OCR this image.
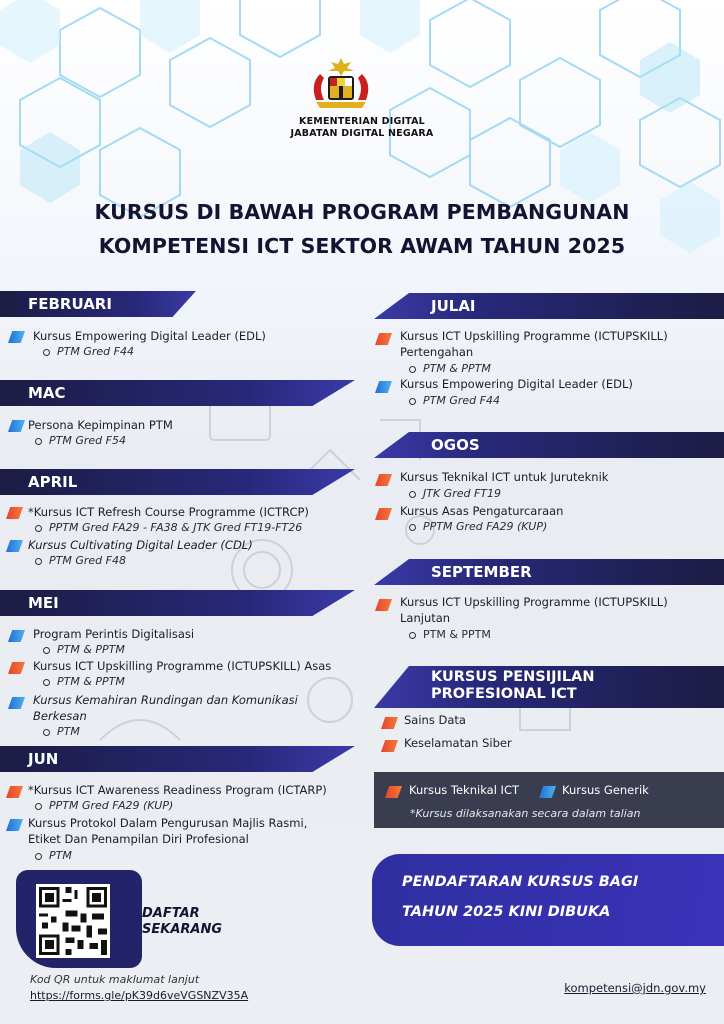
KEMENTERIAN DIGITAL
JABATAN DIGITAL NEGARA
KURSUS DI BAWAH PROGRAM PEMBANGUNAN
KOMPETENSI ICT SEKTOR AWAM TAHUN 2025
FEBRUARI
Kursus Empowering Digital Leader (EDL)
PTM Gred F44
MAC
Persona Kepimpinan PTM
PTM Gred F54
APRIL
*Kursus ICT Refresh Course Programme (ICTRCP)
PPTM Gred FA29 - FA38 & JTK Gred FT19-FT26
Kursus Cultivating Digital Leader (CDL)
PTM Gred F48
MEI
Program Perintis Digitalisasi
PTM & PPTM
Kursus ICT Upskilling Programme (ICTUPSKILL) Asas
PTM & PPTM
Kursus Kemahiran Rundingan dan Komunikasi
Berkesan
PTM
JUN
*Kursus ICT Awareness Readiness Program (ICTARP)
PPTM Gred FA29 (KUP)
Kursus Protokol Dalam Pengurusan Majlis Rasmi,
Etiket Dan Penampilan Diri Profesional
PTM
JULAI
Kursus ICT Upskilling Programme (ICTUPSKILL)
Pertengahan
PTM & PPTM
Kursus Empowering Digital Leader (EDL)
PTM Gred F44
OGOS
Kursus Teknikal ICT untuk Juruteknik
JTK Gred FT19
Kursus Asas Pengaturcaraan
PPTM Gred FA29 (KUP)
SEPTEMBER
Kursus ICT Upskilling Programme (ICTUPSKILL)
Lanjutan
PTM & PPTM
KURSUS PENSIJILAN
PROFESIONAL ICT
Sains Data
Keselamatan Siber
Kursus Teknikal ICT	Kursus Generik
*Kursus dilaksanakan secara dalam talian
PENDAFTARAN KURSUS BAGI
TAHUN 2025 KINI DIBUKA
DAFTAR
SEKARANG
Kod QR untuk maklumat lanjut
https://forms.gle/pK39d6veVGSNZV35A
kompetensi@jdn.gov.my
